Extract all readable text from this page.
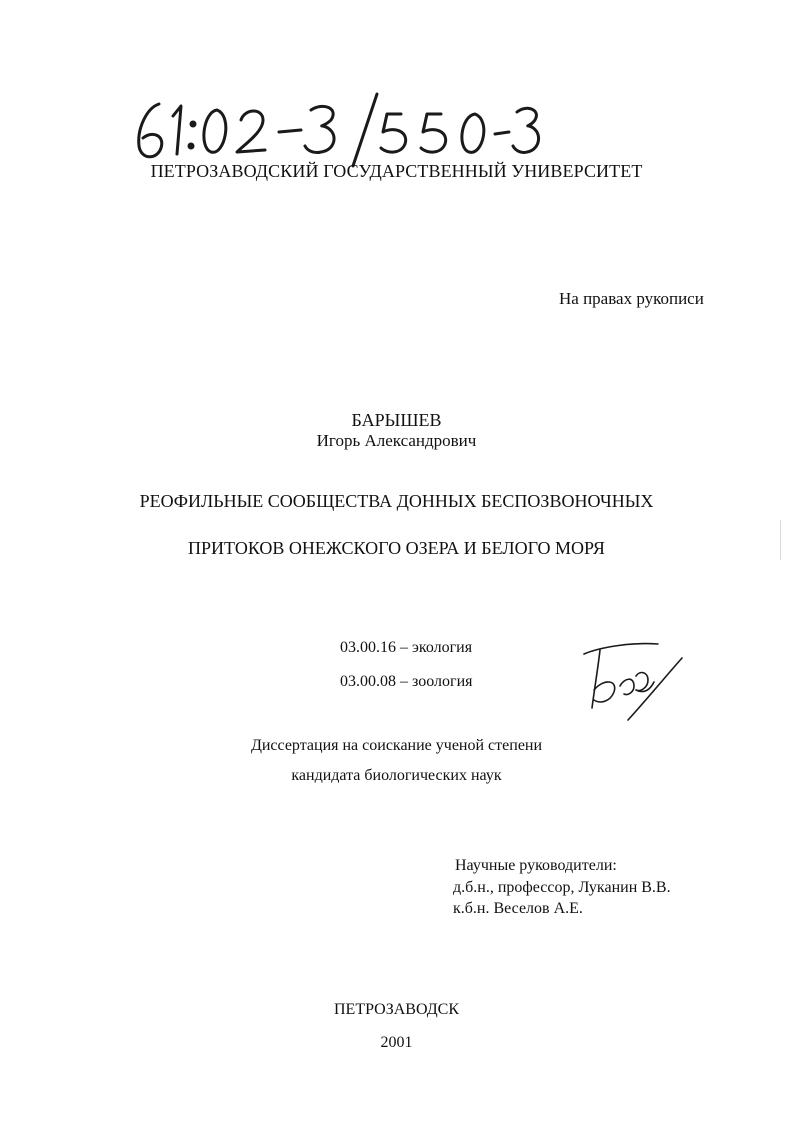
ПЕТРОЗАВОДСКИЙ ГОСУДАРСТВЕННЫЙ УНИВЕРСИТЕТ
На правах рукописи
БАРЫШЕВ
Игорь Александрович
РЕОФИЛЬНЫЕ СООБЩЕСТВА ДОННЫХ БЕСПОЗВОНОЧНЫХ
ПРИТОКОВ ОНЕЖСКОГО ОЗЕРА И БЕЛОГО МОРЯ
03.00.16 – экология
03.00.08 – зоология
Диссертация на соискание ученой степени
кандидата биологических наук
Научные руководители:
д.б.н., профессор, Луканин В.В.
к.б.н. Веселов А.Е.
ПЕТРОЗАВОДСК
2001
